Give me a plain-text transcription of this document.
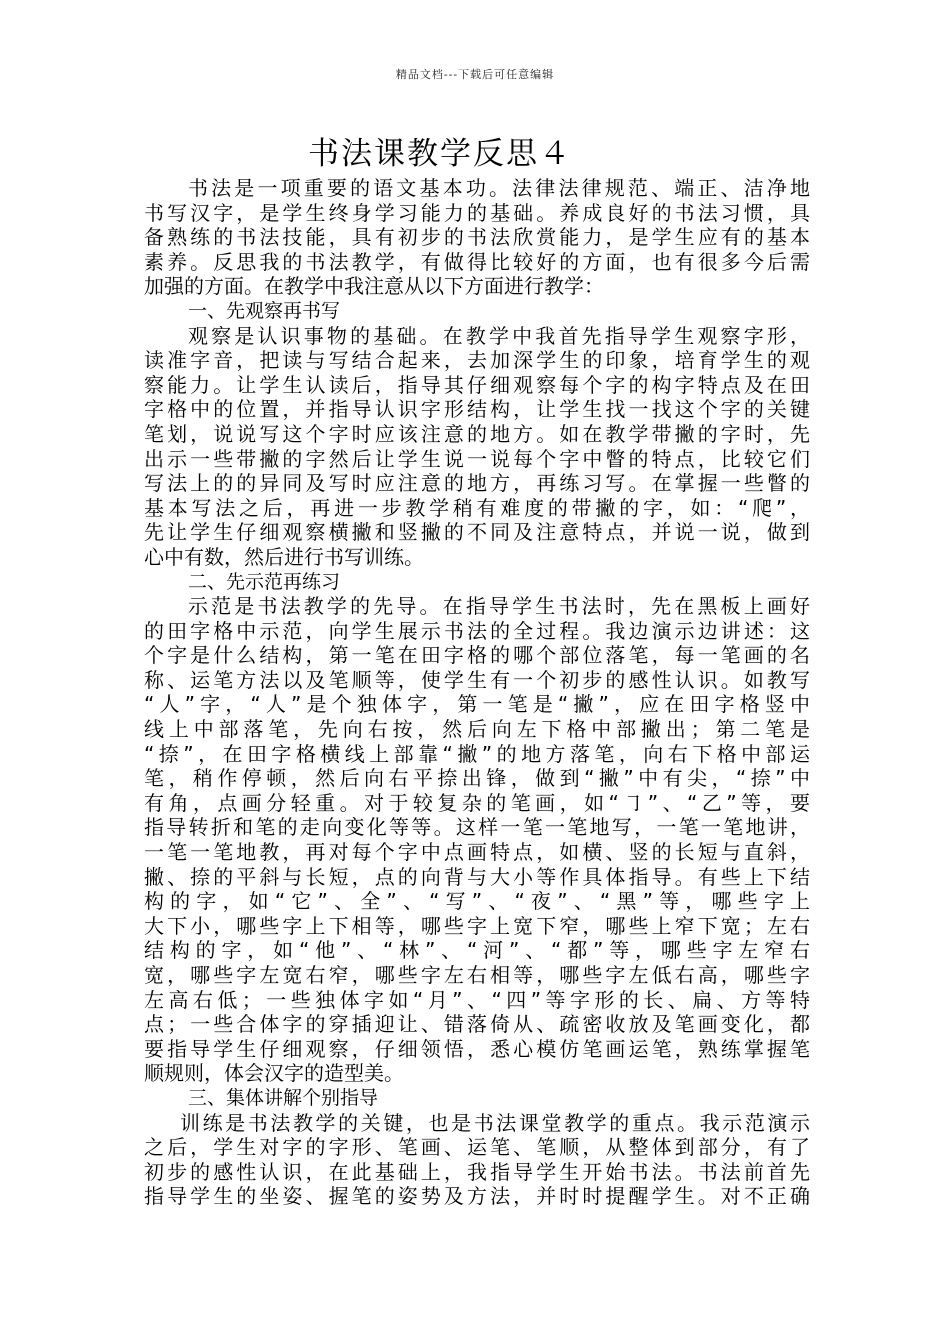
精品文档---下载后可任意编辑
书法课教学反思４
书法是一项重要的语文基本功。法律法律规范、端正、洁净地
书写汉字，是学生终身学习能力的基础。养成良好的书法习惯，具
备熟练的书法技能，具有初步的书法欣赏能力，是学生应有的基本
素养。反思我的书法教学，有做得比较好的方面，也有很多今后需
加强的方面。在教学中我注意从以下方面进行教学：
一、先观察再书写
观察是认识事物的基础。在教学中我首先指导学生观察字形，
读准字音，把读与写结合起来，去加深学生的印象，培育学生的观
察能力。让学生认读后，指导其仔细观察每个字的构字特点及在田
字格中的位置，并指导认识字形结构，让学生找一找这个字的关键
笔划，说说写这个字时应该注意的地方。如在教学带撇的字时，先
出示一些带撇的字然后让学生说一说每个字中瞥的特点，比较它们
写法上的的异同及写时应注意的地方，再练习写。在掌握一些瞥的
基本写法之后，再进一步教学稍有难度的带撇的字，如：“爬”，
先让学生仔细观察横撇和竖撇的不同及注意特点，并说一说，做到
心中有数，然后进行书写训练。
二、先示范再练习
示范是书法教学的先导。在指导学生书法时，先在黑板上画好
的田字格中示范，向学生展示书法的全过程。我边演示边讲述：这
个字是什么结构，第一笔在田字格的哪个部位落笔，每一笔画的名
称、运笔方法以及笔顺等，使学生有一个初步的感性认识。如教写
“人”字，“人”是个独体字，第一笔是“撇”，应在田字格竖中
线上中部落笔，先向右按，然后向左下格中部撇出；第二笔是
“捺”，在田字格横线上部靠“撇”的地方落笔，向右下格中部运
笔，稍作停顿，然后向右平捺出锋，做到“撇”中有尖，“捺”中
有角，点画分轻重。对于较复杂的笔画，如“㇆”、“乙”等，要
指导转折和笔的走向变化等等。这样一笔一笔地写，一笔一笔地讲，
一笔一笔地教，再对每个字中点画特点，如横、竖的长短与直斜，
撇、捺的平斜与长短，点的向背与大小等作具体指导。有些上下结
构的字，如“它”、全”、“写”、“夜”、“黑”等，哪些字上
大下小，哪些字上下相等，哪些字上宽下窄，哪些上窄下宽；左右
结构的字，如“他”、“林”、“河”、“都”等，哪些字左窄右
宽，哪些字左宽右窄，哪些字左右相等，哪些字左低右高，哪些字
左高右低；一些独体字如“月”、“四”等字形的长、扁、方等特
点；一些合体字的穿插迎让、错落倚从、疏密收放及笔画变化，都
要指导学生仔细观察，仔细领悟，悉心模仿笔画运笔，熟练掌握笔
顺规则，体会汉字的造型美。
三、集体讲解个别指导
训练是书法教学的关键，也是书法课堂教学的重点。我示范演示
之后，学生对字的字形、笔画、运笔、笔顺，从整体到部分，有了
初步的感性认识，在此基础上，我指导学生开始书法。书法前首先
指导学生的坐姿、握笔的姿势及方法，并时时提醒学生。对不正确
